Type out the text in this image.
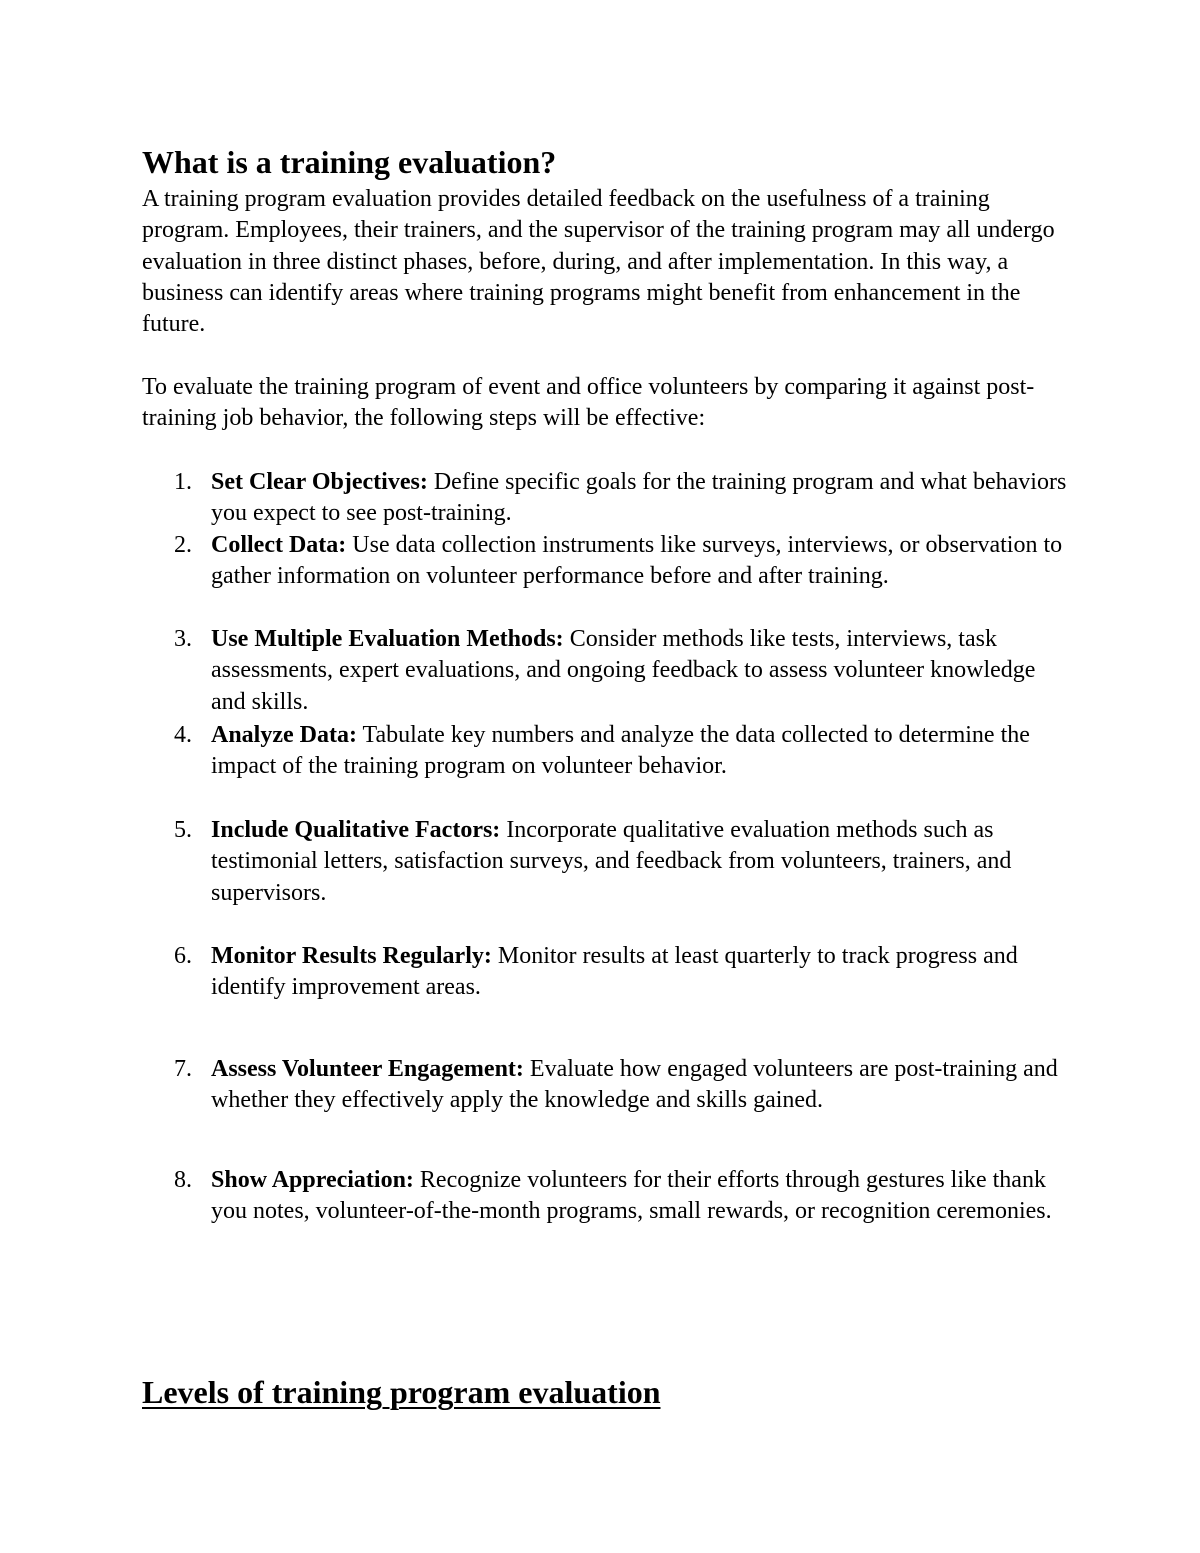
What is a training evaluation?

A training program evaluation provides detailed feedback on the usefulness of a training program. Employees, their trainers, and the supervisor of the training program may all undergo evaluation in three distinct phases, before, during, and after implementation. In this way, a business can identify areas where training programs might benefit from enhancement in the future.

To evaluate the training program of event and office volunteers by comparing it against post-training job behavior, the following steps will be effective:

1. Set Clear Objectives: Define specific goals for the training program and what behaviors you expect to see post-training.
2. Collect Data: Use data collection instruments like surveys, interviews, or observation to gather information on volunteer performance before and after training.
3. Use Multiple Evaluation Methods: Consider methods like tests, interviews, task assessments, expert evaluations, and ongoing feedback to assess volunteer knowledge and skills.
4. Analyze Data: Tabulate key numbers and analyze the data collected to determine the impact of the training program on volunteer behavior.
5. Include Qualitative Factors: Incorporate qualitative evaluation methods such as testimonial letters, satisfaction surveys, and feedback from volunteers, trainers, and supervisors.
6. Monitor Results Regularly: Monitor results at least quarterly to track progress and identify improvement areas.
7. Assess Volunteer Engagement: Evaluate how engaged volunteers are post-training and whether they effectively apply the knowledge and skills gained.
8. Show Appreciation: Recognize volunteers for their efforts through gestures like thank you notes, volunteer-of-the-month programs, small rewards, or recognition ceremonies.
Levels of training program evaluation
